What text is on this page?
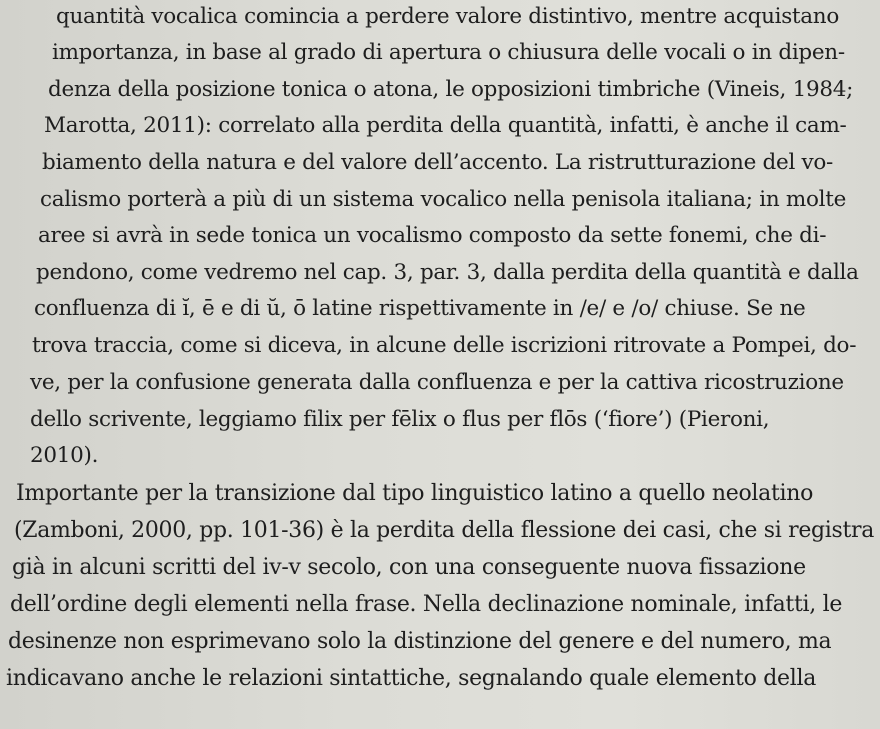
quantità vocalica comincia a perdere valore distintivo, mentre acquistano
importanza, in base al grado di apertura o chiusura delle vocali o in dipen-
denza della posizione tonica o atona, le opposizioni timbriche (Vineis, 1984;
Marotta, 2011): correlato alla perdita della quantità, infatti, è anche il cam-
biamento della natura e del valore dell’accento. La ristrutturazione del vo-
calismo porterà a più di un sistema vocalico nella penisola italiana; in molte
aree si avrà in sede tonica un vocalismo composto da sette fonemi, che di-
pendono, come vedremo nel cap. 3, par. 3, dalla perdita della quantità e dalla
confluenza di ĭ, ē e di ŭ, ō latine rispettivamente in /e/ e /o/ chiuse. Se ne
trova traccia, come si diceva, in alcune delle iscrizioni ritrovate a Pompei, do-
ve, per la confusione generata dalla confluenza e per la cattiva ricostruzione
dello scrivente, leggiamo filix per fēlix o flus per flōs (‘fiore’) (Pieroni,
2010).
Importante per la transizione dal tipo linguistico latino a quello neolatino
(Zamboni, 2000, pp. 101-36) è la perdita della flessione dei casi, che si registra
già in alcuni scritti del iv-v secolo, con una conseguente nuova fissazione
dell’ordine degli elementi nella frase. Nella declinazione nominale, infatti, le
desinenze non esprimevano solo la distinzione del genere e del numero, ma
indicavano anche le relazioni sintattiche, segnalando quale elemento della
